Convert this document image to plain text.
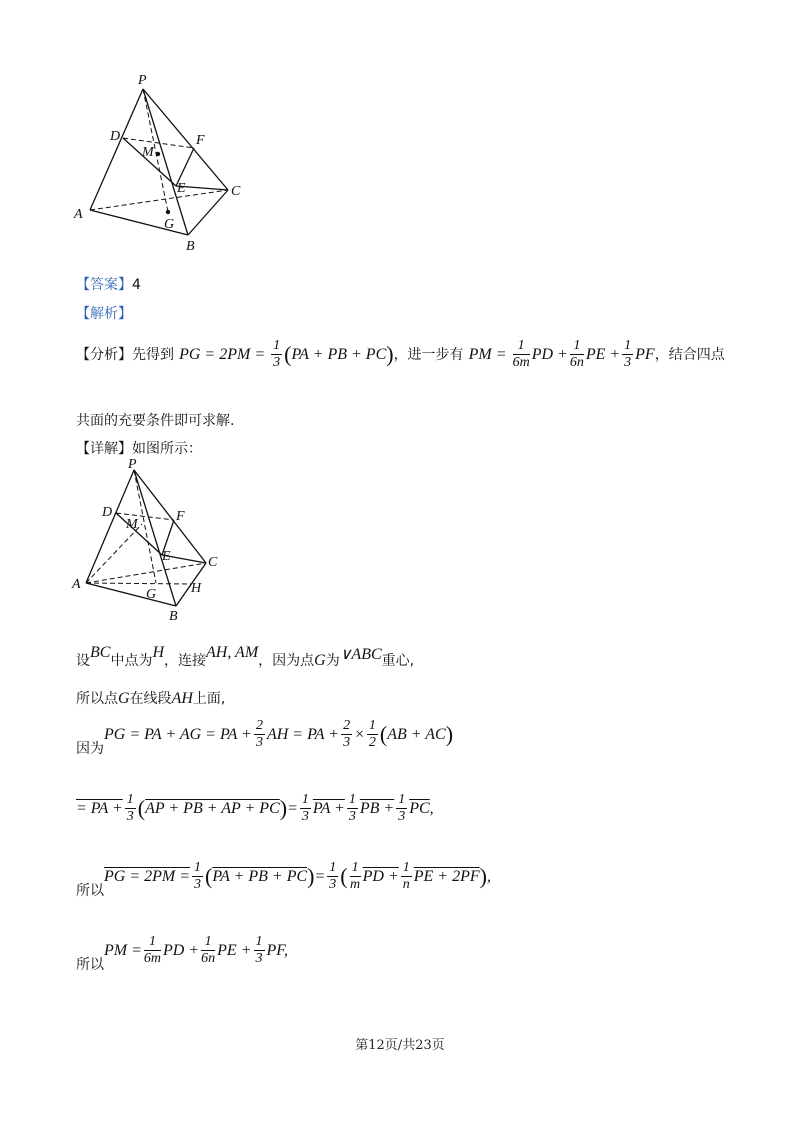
P
D	F
M
E	C
A
G
B
【答案】4
【解析】
【分析】先得到 PG = $2PM = \frac{1}{3} (PA$ + PB + PC)，进一步有 PM = $\frac{1}{6m}$ PD + $\frac{1}{6n}$ PE + $\frac{1}{3}$ PF，结合四点
共面的充要条件即可求解.
【详解】如图所示：
P
D	F
M
E	C
A
G H
B
设BC中点为H，连接AH, AM，因为点G为∨ABC重心,
所以点G在线段AH上面,
因为PG = PA + AG = PA + $\frac{2}{3}$ AH = PA + $\frac{2}{3} \times \frac{1}{2} (AB + AC)$
= PA + $\frac{1}{3} (AP$ + PB + AP + $PC)= \frac{1}{3}$ PA + $\frac{1}{3}$ PB + $\frac{1}{3} \overline{PC}$,
所以PG = $2PM = \frac{1}{3} (PA$ + PB + $PC)= \frac{1}{3}$ ( $\frac{1}{m}$ PD + $\frac{1}{n}$ PE + 2PF),
所以PM = $\frac{1}{6m}$ PD + $\frac{1}{6n}$ PE + $\frac{1}{3}$ PF,
第12页/共23页
